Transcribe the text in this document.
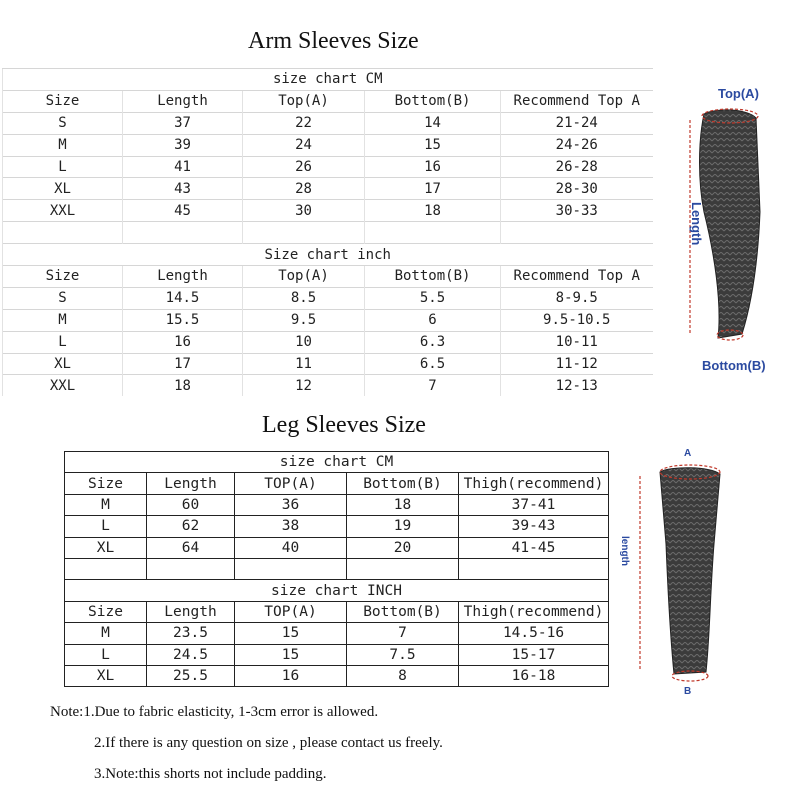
Arm Sleeves Size
size chart CM				
Size	Length	Top(A)	Bottom(B)	Recommend Top A
S	37	22	14	21-24
M	39	24	15	24-26
L	41	26	16	26-28
XL	43	28	17	28-30
XXL	45	30	18	30-33

Size chart inch				
Size	Length	Top(A)	Bottom(B)	Recommend Top A
S	14.5	8.5	5.5	8-9.5
M	15.5	9.5	6	9.5-10.5
L	16	10	6.3	10-11
XL	17	11	6.5	11-12
XXL	18	12	7	12-13
Top(A)
Length
Bottom(B)
Leg Sleeves Size
size chart CM				
Size	Length	TOP(A)	Bottom(B)	Thigh(recommend)
M	60	36	18	37-41
L	62	38	19	39-43
XL	64	40	20	41-45

size chart INCH				
Size	Length	TOP(A)	Bottom(B)	Thigh(recommend)
M	23.5	15	7	14.5-16
L	24.5	15	7.5	15-17
XL	25.5	16	8	16-18
A
length
B
Note:1.Due to fabric elasticity, 1-3cm error is allowed.
2.If there is any question on size , please contact us freely.
3.Note:this shorts not include padding.
